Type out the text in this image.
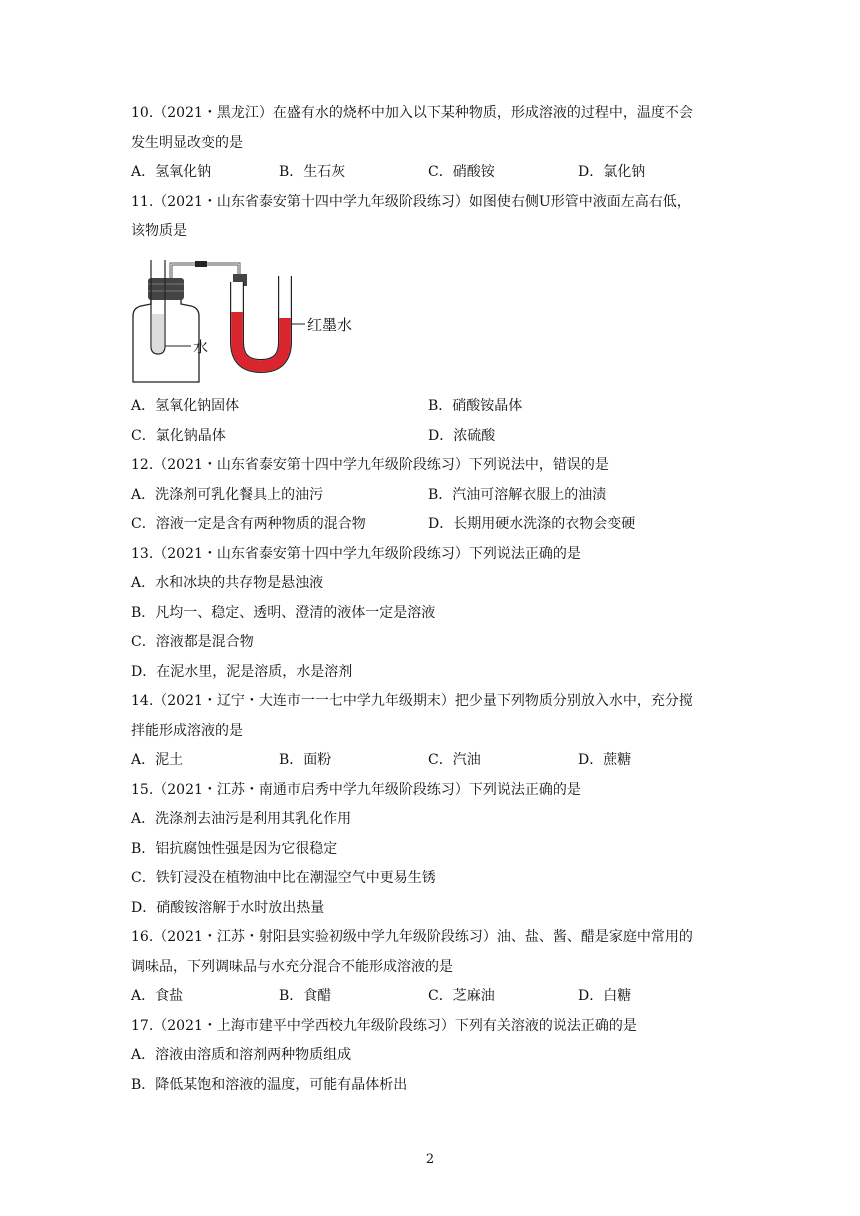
10.（2021・黑龙江）在盛有水的烧杯中加入以下某种物质，形成溶液的过程中，温度不会
发生明显改变的是
A．氢氧化钠	B．生石灰	C．硝酸铵	D．氯化钠
11.（2021・山东省泰安第十四中学九年级阶段练习）如图使右侧U形管中液面左高右低，
该物质是
水
红墨水
A．氢氧化钠固体	B．硝酸铵晶体
C．氯化钠晶体	D．浓硫酸
12.（2021・山东省泰安第十四中学九年级阶段练习）下列说法中，错误的是
A．洗涤剂可乳化餐具上的油污	B．汽油可溶解衣服上的油渍
C．溶液一定是含有两种物质的混合物	D．长期用硬水洗涤的衣物会变硬
13.（2021・山东省泰安第十四中学九年级阶段练习）下列说法正确的是
A．水和冰块的共存物是悬浊液
B．凡均一、稳定、透明、澄清的液体一定是溶液
C．溶液都是混合物
D．在泥水里，泥是溶质，水是溶剂
14.（2021・辽宁・大连市一一七中学九年级期末）把少量下列物质分别放入水中，充分搅
拌能形成溶液的是
A．泥土	B．面粉	C．汽油	D．蔗糖
15.（2021・江苏・南通市启秀中学九年级阶段练习）下列说法正确的是
A．洗涤剂去油污是利用其乳化作用
B．铝抗腐蚀性强是因为它很稳定
C．铁钉浸没在植物油中比在潮湿空气中更易生锈
D．硝酸铵溶解于水时放出热量
16.（2021・江苏・射阳县实验初级中学九年级阶段练习）油、盐、酱、醋是家庭中常用的
调味品，下列调味品与水充分混合不能形成溶液的是
A．食盐	B．食醋	C．芝麻油	D．白糖
17.（2021・上海市建平中学西校九年级阶段练习）下列有关溶液的说法正确的是
A．溶液由溶质和溶剂两种物质组成
B．降低某饱和溶液的温度，可能有晶体析出
2
